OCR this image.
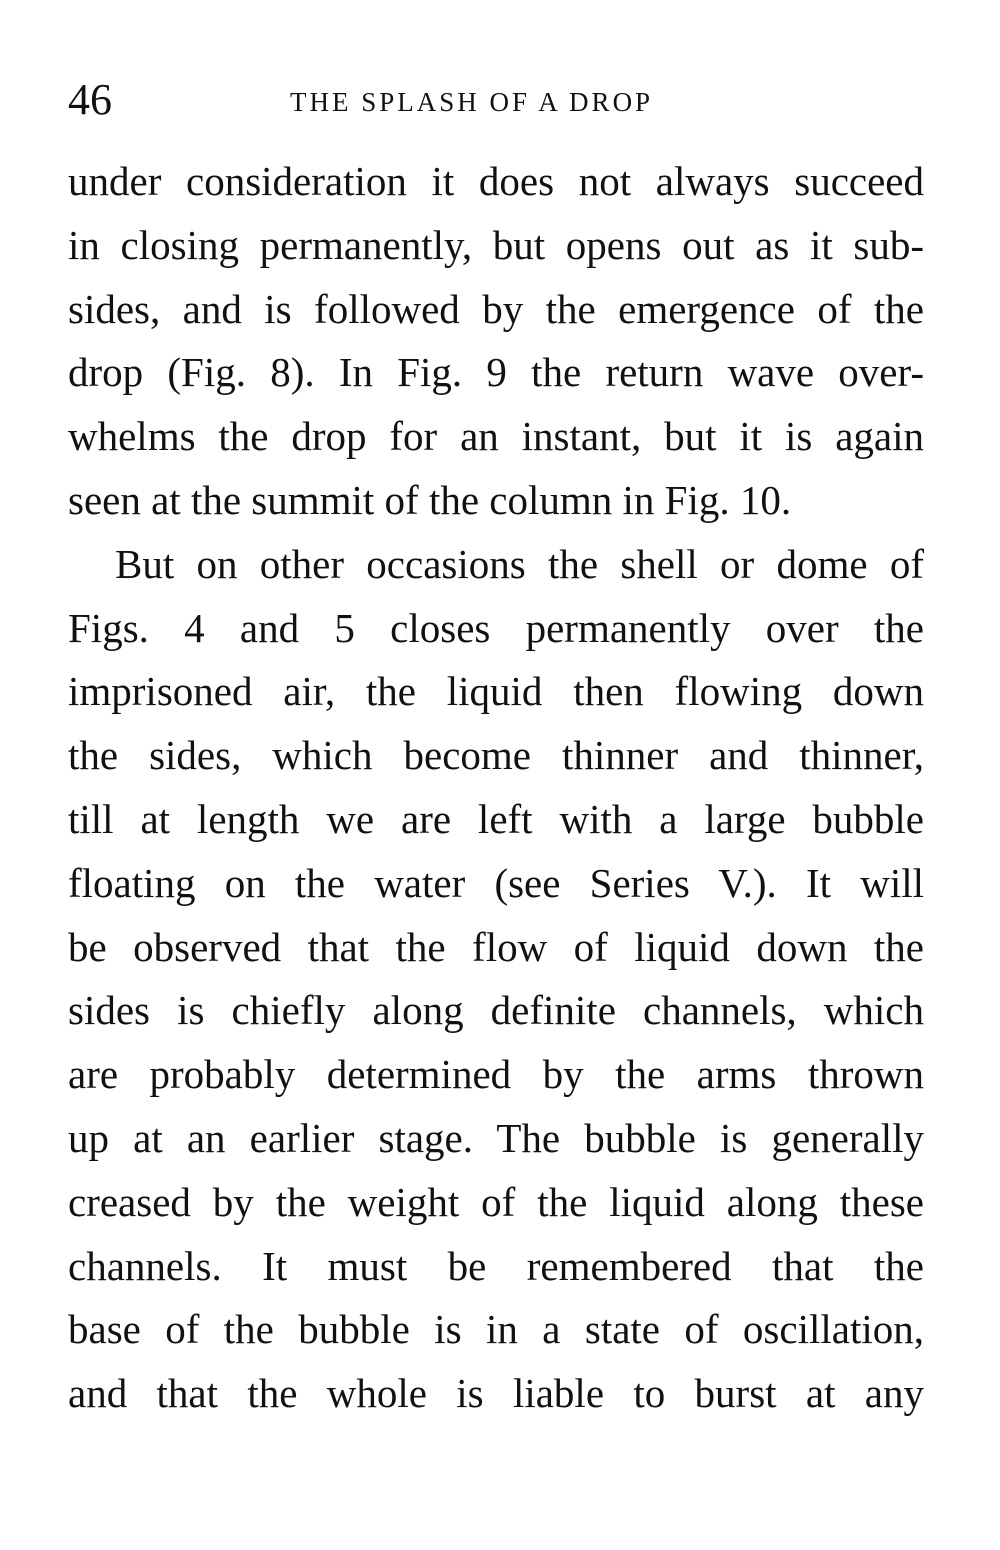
46	THE SPLASH OF A DROP
under consideration it does not always succeed
in closing permanently, but opens out as it sub-
sides, and is followed by the emergence of the
drop (Fig. 8). In Fig. 9 the return wave over-
whelms the drop for an instant, but it is again
seen at the summit of the column in Fig. 10.
But on other occasions the shell or dome of
Figs. 4 and 5 closes permanently over the
imprisoned air, the liquid then flowing down
the sides, which become thinner and thinner,
till at length we are left with a large bubble
floating on the water (see Series V.). It will
be observed that the flow of liquid down the
sides is chiefly along definite channels, which
are probably determined by the arms thrown
up at an earlier stage. The bubble is generally
creased by the weight of the liquid along these
channels. It must be remembered that the
base of the bubble is in a state of oscillation,
and that the whole is liable to burst at any
